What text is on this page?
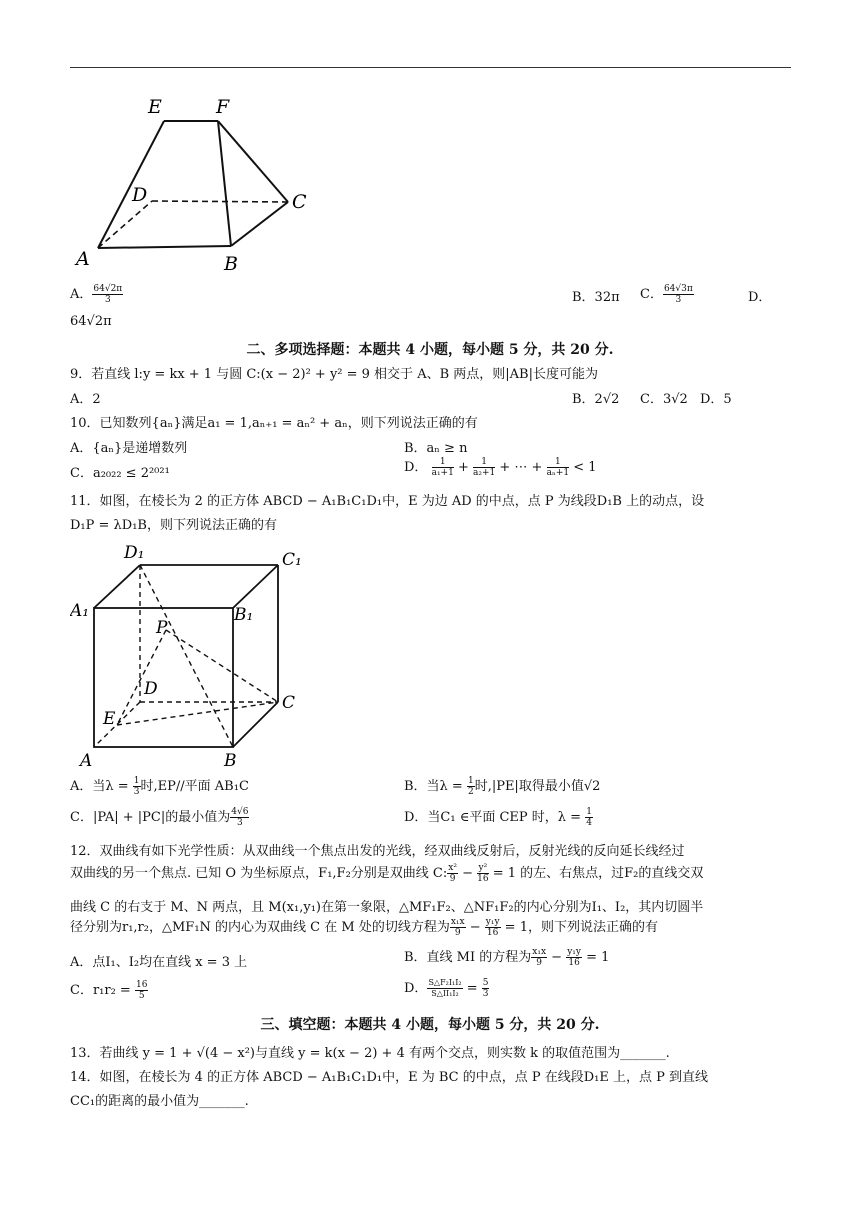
E	F
D	C
A	B
A． $\frac{64√2\pi}{3}$	B．32π C． $\frac{64√3\pi}{3}$	D．
64√2π
二、多项选择题：本题共 4 小题，每小题 5 分，共 20 分.
9．若直线 l:y = kx + 1 与圆 C:(x − 2)² + y² = 9 相交于 A、B 两点，则|AB|长度可能为
A．2	B．2√2 C．3√2 D．5
10．已知数列{aₙ}满足a₁ = 1,aₙ₊₁ = aₙ² + aₙ，则下列说法正确的有
A．{aₙ}是递增数列	B．aₙ ≥ n
C．a₂₀₂₂ ≤ 2²⁰²¹	D． $\frac{1}{\text{a₁+1}} + \frac{1}{\text{a₂+1}}$ + ⋯ + $\frac{1}{\text{aₙ+1}} < 1$
11．如图，在棱长为 2 的正方体 ABCD − A₁B₁C₁D₁中，E 为边 AD 的中点，点 P 为线段D₁B 上的动点，设
D₁P = λD₁B，则下列说法正确的有
D₁	C₁
A₁	B₁
P
D
C
E
A	B
A．当$\lambda = \frac{1}{3}$ 时,EP//平面 AB₁C	B．当$\lambda = \frac{1}{2}$ 时,|PE|取得最小值√2
C．|PA| + |PC|的最小值为 $\frac{4√6}{3}$	D．当C₁ ∈平面 CEP 时，$\lambda = \frac{1}{4}$
12．双曲线有如下光学性质：从双曲线一个焦点出发的光线，经双曲线反射后，反射光线的反向延长线经过
双曲线的另一个焦点. 已知 O 为坐标原点，F₁,F₂分别是双曲线 C: $\frac{\text{x²}}{9} - \frac{\text{y²}}{16} = 1$ 的左、右焦点，过F₂的直线交双
曲线 C 的右支于 M、N 两点，且 M(x₁,y₁)在第一象限，△MF₁F₂、△NF₁F₂的内心分别为I₁、I₂，其内切圆半
径分别为r₁,r₂，△MF₁N 的内心为双曲线 C 在 M 处的切线方程为 $\frac{\text{x₁x}}{9} - \frac{\text{y₁y}}{16} = 1$，则下列说法正确的有
A．点I₁、I₂均在直线 x = 3 上	B．直线 MI 的方程为 $\frac{\text{x₁x}}{9} - \frac{\text{y₁y}}{16} = 1$
C．$r_1r_2 = \frac{16}{5}$	D． $\frac{\text{S△F₂I₁I₂}}{\text{S△II₁I₂}} = \frac{5}{3}$
三、填空题：本题共 4 小题，每小题 5 分，共 20 分.
13．若曲线 y = 1 + √(4 − x²)与直线 y = k(x − 2) + 4 有两个交点，则实数 k 的取值范围为_______.
14．如图，在棱长为 4 的正方体 ABCD − A₁B₁C₁D₁中，E 为 BC 的中点，点 P 在线段D₁E 上，点 P 到直线
CC₁的距离的最小值为_______.
